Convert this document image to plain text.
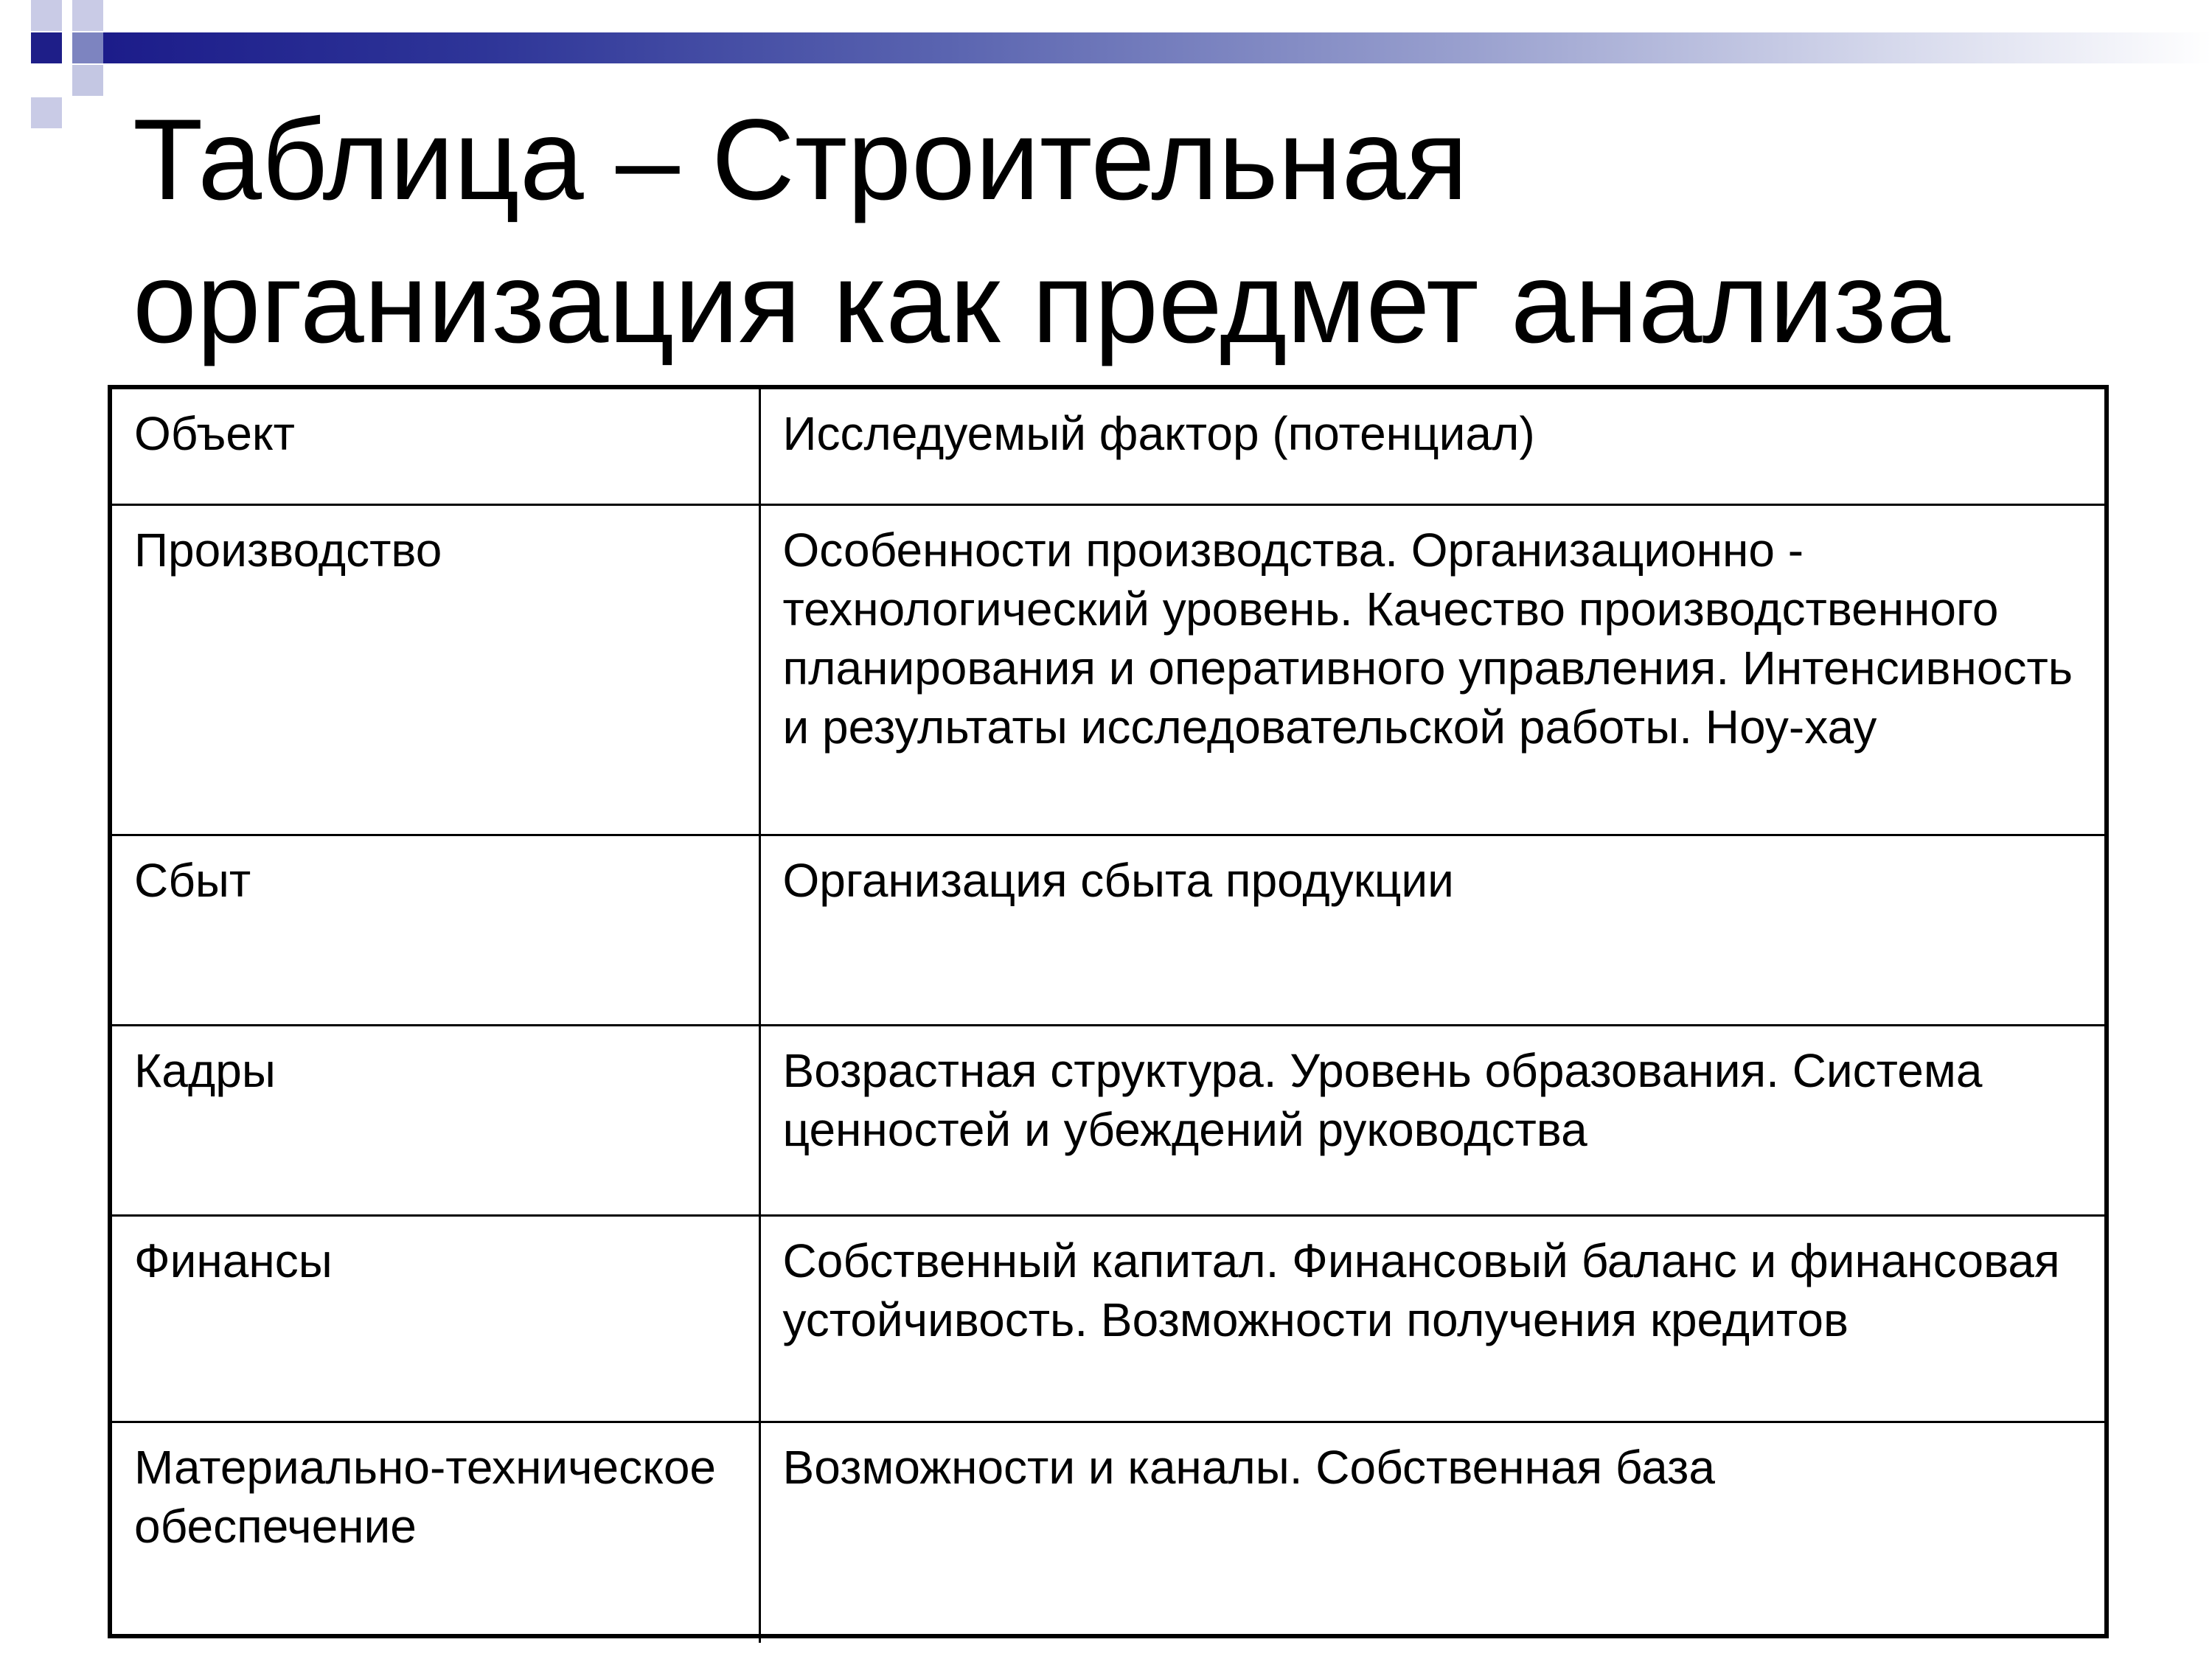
Таблица – Строительная организация как предмет анализа
Объект	Исследуемый фактор (потенциал)
Производство	Особенности производства. Организационно - технологический уровень. Качество производственного планирования и оперативного управления. Интенсивность и результаты исследовательской работы. Ноу-хау
Сбыт	Организация сбыта продукции
Кадры	Возрастная структура. Уровень образования. Система ценностей и убеждений руководства
Финансы	Собственный капитал. Финансовый баланс и финансовая устойчивость. Возможности получения кредитов
Материально-техническое обеспечение	Возможности и каналы. Собственная база
